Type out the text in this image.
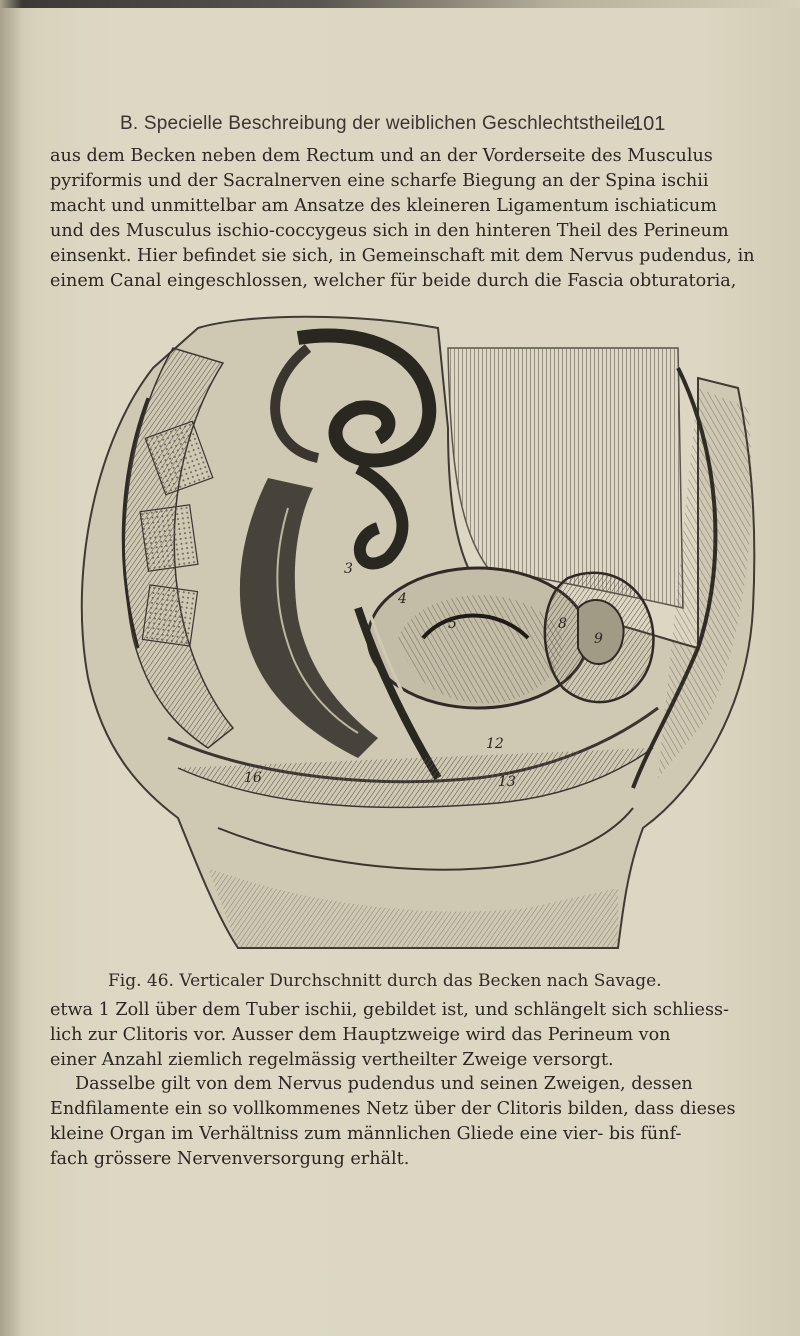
B. Specielle Beschreibung der weiblichen Geschlechtstheile.
101

aus dem Becken neben dem Rectum und an der Vorderseite des Musculus
pyriformis und der Sacralnerven eine scharfe Biegung an der Spina ischii
macht und unmittelbar am Ansatze des kleineren Ligamentum ischiaticum
und des Musculus ischio-coccygeus sich in den hinteren Theil des Perineum
einsenkt. Hier befindet sie sich, in Gemeinschaft mit dem Nervus pudendus, in
einem Canal eingeschlossen, welcher für beide durch die Fascia obturatoria,

4
5
3
8
9
12
13
16
Fig. 46. Verticaler Durchschnitt durch das Becken nach Savage.

etwa 1 Zoll über dem Tuber ischii, gebildet ist, und schlängelt sich schliess-
lich zur Clitoris vor. Ausser dem Hauptzweige wird das Perineum von
einer Anzahl ziemlich regelmässig vertheilter Zweige versorgt.

Dasselbe gilt von dem Nervus pudendus und seinen Zweigen, dessen
Endfilamente ein so vollkommenes Netz über der Clitoris bilden, dass dieses
kleine Organ im Verhältniss zum männlichen Gliede eine vier- bis fünf-
fach grössere Nervenversorgung erhält.
